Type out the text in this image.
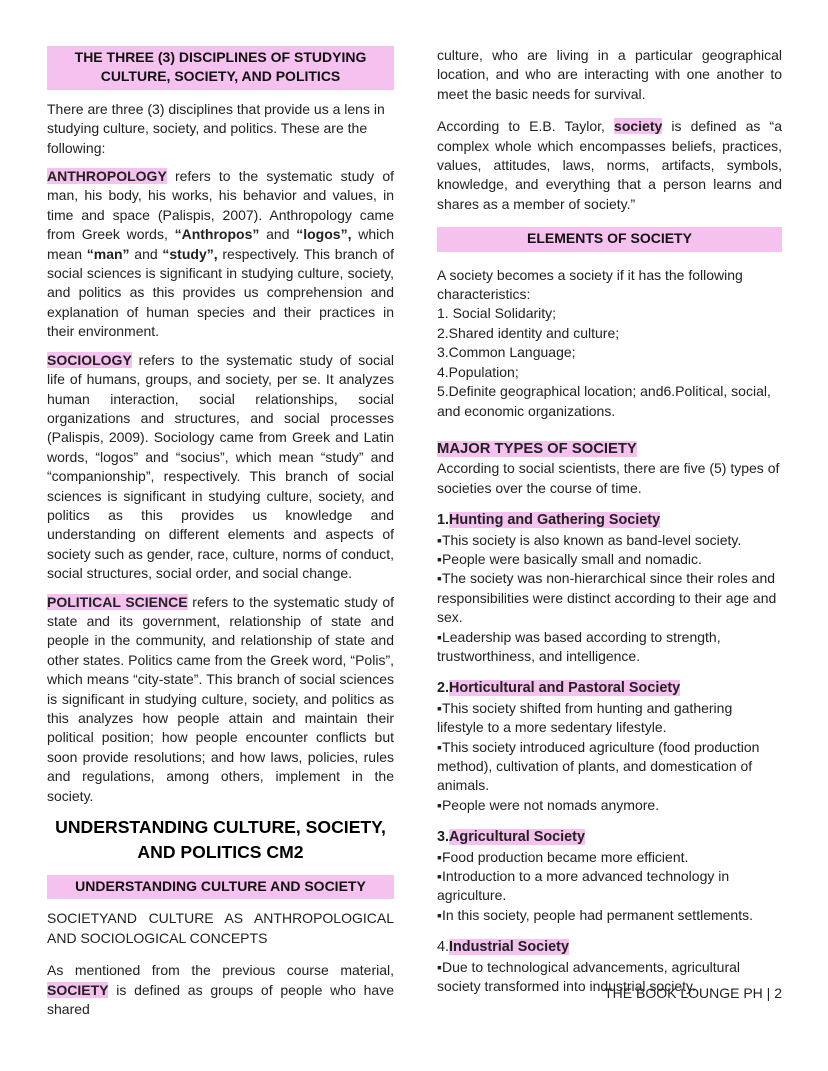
THE THREE (3) DISCIPLINES OF STUDYING CULTURE, SOCIETY, AND POLITICS

There are three (3) disciplines that provide us a lens in studying culture, society, and politics. These are the following:

ANTHROPOLOGY refers to the systematic study of man, his body, his works, his behavior and values, in time and space (Palispis, 2007). Anthropology came from Greek words, “Anthropos” and “logos”, which mean “man” and “study”, respectively. This branch of social sciences is significant in studying culture, society, and politics as this provides us comprehension and explanation of human species and their practices in their environment.

SOCIOLOGY refers to the systematic study of social life of humans, groups, and society, per se. It analyzes human interaction, social relationships, social organizations and structures, and social processes (Palispis, 2009). Sociology came from Greek and Latin words, “logos” and “socius”, which mean “study” and “companionship”, respectively. This branch of social sciences is significant in studying culture, society, and politics as this provides us knowledge and understanding on different elements and aspects of society such as gender, race, culture, norms of conduct, social structures, social order, and social change.

POLITICAL SCIENCE refers to the systematic study of state and its government, relationship of state and people in the community, and relationship of state and other states. Politics came from the Greek word, “Polis”, which means “city-state”. This branch of social sciences is significant in studying culture, society, and politics as this analyzes how people attain and maintain their political position; how people encounter conflicts but soon provide resolutions; and how laws, policies, rules and regulations, among others, implement in the society.

UNDERSTANDING CULTURE, SOCIETY, AND POLITICS CM2
UNDERSTANDING CULTURE AND SOCIETY

SOCIETYAND CULTURE AS ANTHROPOLOGICAL AND SOCIOLOGICAL CONCEPTS

As mentioned from the previous course material, SOCIETY is defined as groups of people who have shared

culture, who are living in a particular geographical location, and who are interacting with one another to meet the basic needs for survival.

According to E.B. Taylor, society is defined as “a complex whole which encompasses beliefs, practices, values, attitudes, laws, norms, artifacts, symbols, knowledge, and everything that a person learns and shares as a member of society.”

ELEMENTS OF SOCIETY
A society becomes a society if it has the following characteristics:
1. Social Solidarity;
2.Shared identity and culture;
3.Common Language;
4.Population;
5.Definite geographical location; and6.Political, social, and economic organizations.

MAJOR TYPES OF SOCIETY

According to social scientists, there are five (5) types of societies over the course of time.
1.Hunting and Gathering Society
▪This society is also known as band-level society.
▪People were basically small and nomadic.
▪The society was non-hierarchical since their roles and responsibilities were distinct according to their age and sex.
▪Leadership was based according to strength, trustworthiness, and intelligence.
2.Horticultural and Pastoral Society
▪This society shifted from hunting and gathering lifestyle to a more sedentary lifestyle.
▪This society introduced agriculture (food production method), cultivation of plants, and domestication of animals.
▪People were not nomads anymore.
3.Agricultural Society
▪Food production became more efficient.
▪Introduction to a more advanced technology in agriculture.
▪In this society, people had permanent settlements.
4.Industrial Society
▪Due to technological advancements, agricultural society transformed into industrial society.
THE BOOK LOUNGE PH | 2
